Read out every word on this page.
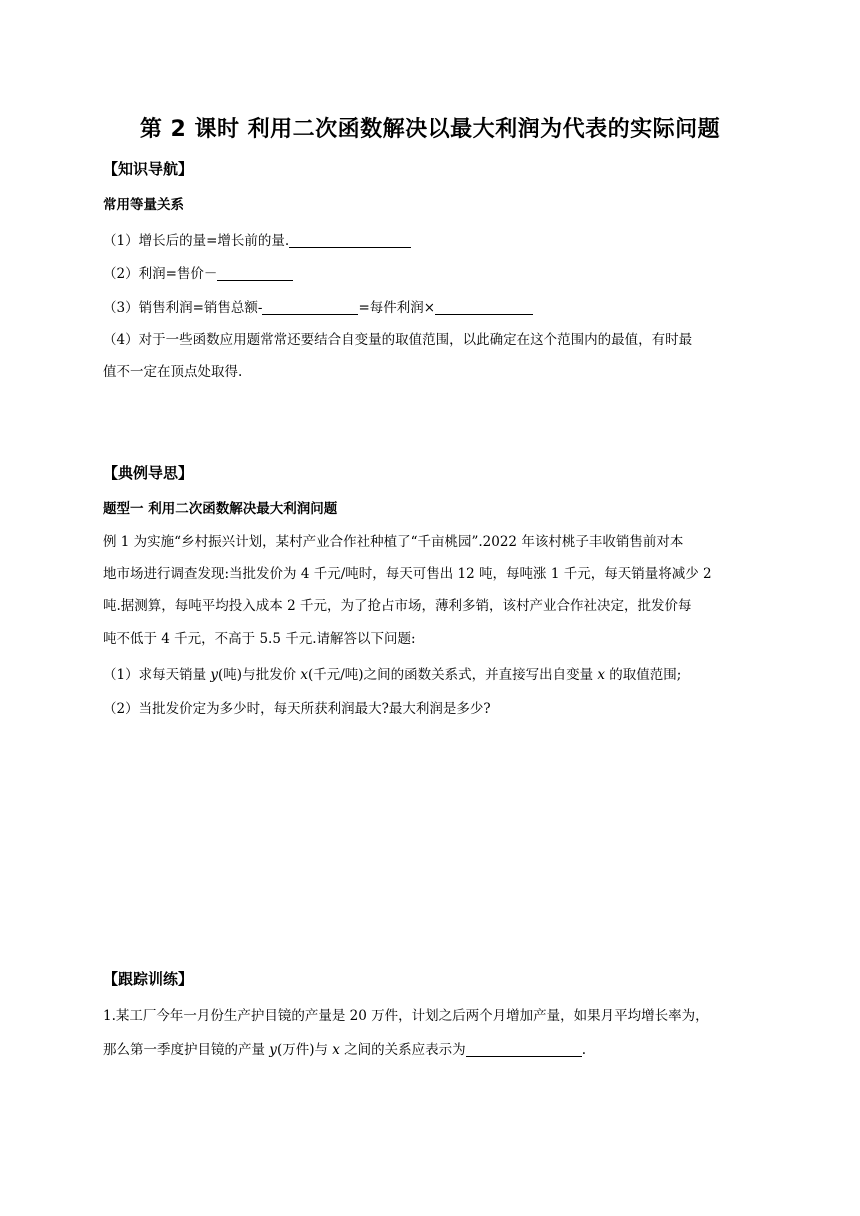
第 2 课时 利用二次函数解决以最大利润为代表的实际问题
【知识导航】
常用等量关系
（1）增长后的量=增长前的量.
（2）利润=售价－
（3）销售利润=销售总额-	=每件利润×
（4）对于一些函数应用题常常还要结合自变量的取值范围，以此确定在这个范围内的最值，有时最
值不一定在顶点处取得.
【典例导思】
题型一 利用二次函数解决最大利润问题
例 1 为实施“乡村振兴计划，某村产业合作社种植了“千亩桃园”.2022 年该村桃子丰收销售前对本
地市场进行调查发现:当批发价为 4 千元/吨时，每天可售出 12 吨，每吨涨 1 千元，每天销量将减少 2
吨.据测算，每吨平均投入成本 2 千元，为了抢占市场，薄利多销，该村产业合作社决定，批发价每
吨不低于 4 千元，不高于 5.5 千元.请解答以下问题:
（1）求每天销量 y(吨)与批发价 x(千元/吨)之间的函数关系式，并直接写出自变量 x 的取值范围;
（2）当批发价定为多少时，每天所获利润最大?最大利润是多少?
【跟踪训练】
1.某工厂今年一月份生产护目镜的产量是 20 万件，计划之后两个月增加产量，如果月平均增长率为，
那么第一季度护目镜的产量 y(万件)与 x 之间的关系应表示为	.
